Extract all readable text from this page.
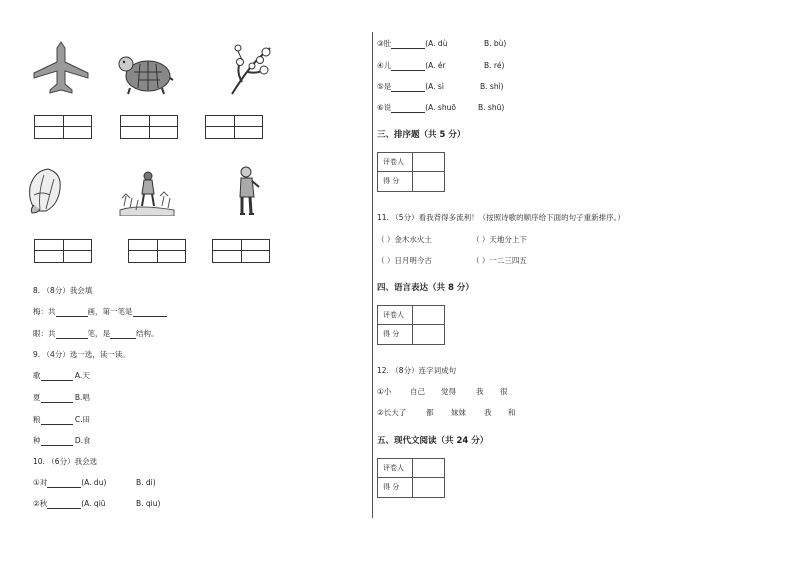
8. （8分）我会填
梅：共	画，第一笔是
眼：共	笔，是	结构。
9. （4分）选一选，读一读。
歌	A.天
夏	B.唱
粮	C.田
种	D.食
10. （6分）我会选
①对	(A. du)	B. di)
②秋	(A. qiū	B. qiu)
③肚	(A. dù	B. bù)
④儿	(A. ér	B. ré)
⑤是	(A. sì	B. shì)
⑥说	(A. shuō	B. shū)
三、排序题（共 5 分）
评卷人
得 分
11. （5分）看我背得多流利！（按照诗歌的顺序给下面的句子重新排序。）
（ ）金木水火土	（ ）天地分上下
（ ）日月明今古	（ ）一二三四五
四、语言表达（共 8 分）
评卷人
得 分
12. （8分）连字词成句
①小	自己 觉得	我 很
②长大了	都 妹妹 我 和
五、现代文阅读（共 24 分）
评卷人
得 分
